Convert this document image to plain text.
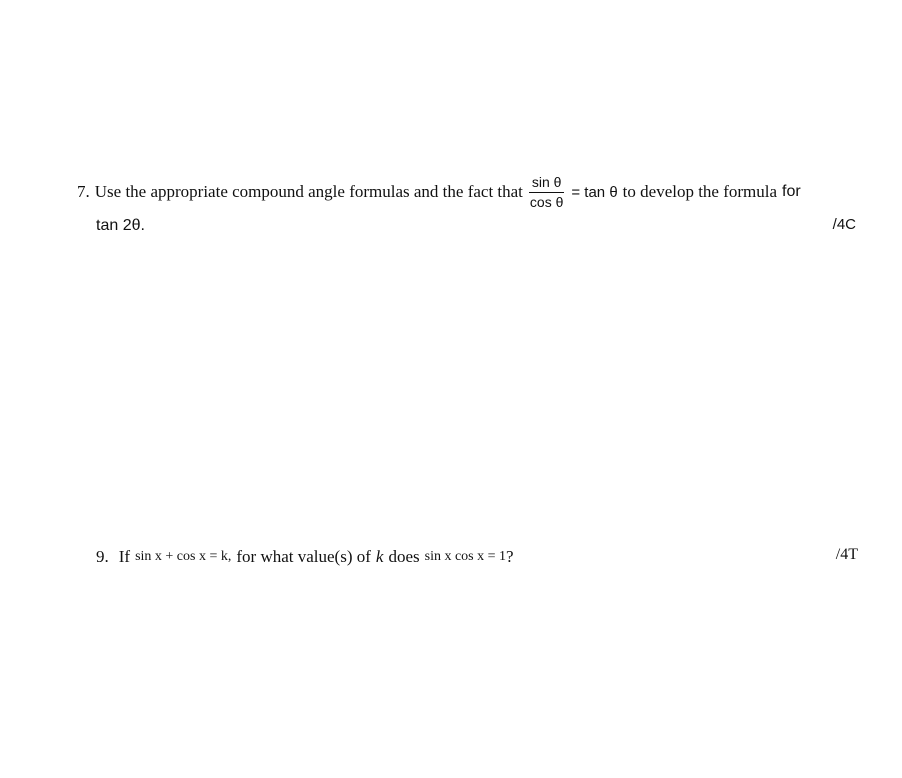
7. Use the appropriate compound angle formulas and the fact that $\frac{\text{sin θ}}{\text{cos θ}} = \tan \theta$ to develop the formula for
tan 2θ.	/4C
9. If sin x + cos x = k, for what value(s) of k does sin x cos x = 1 ?	/4T
